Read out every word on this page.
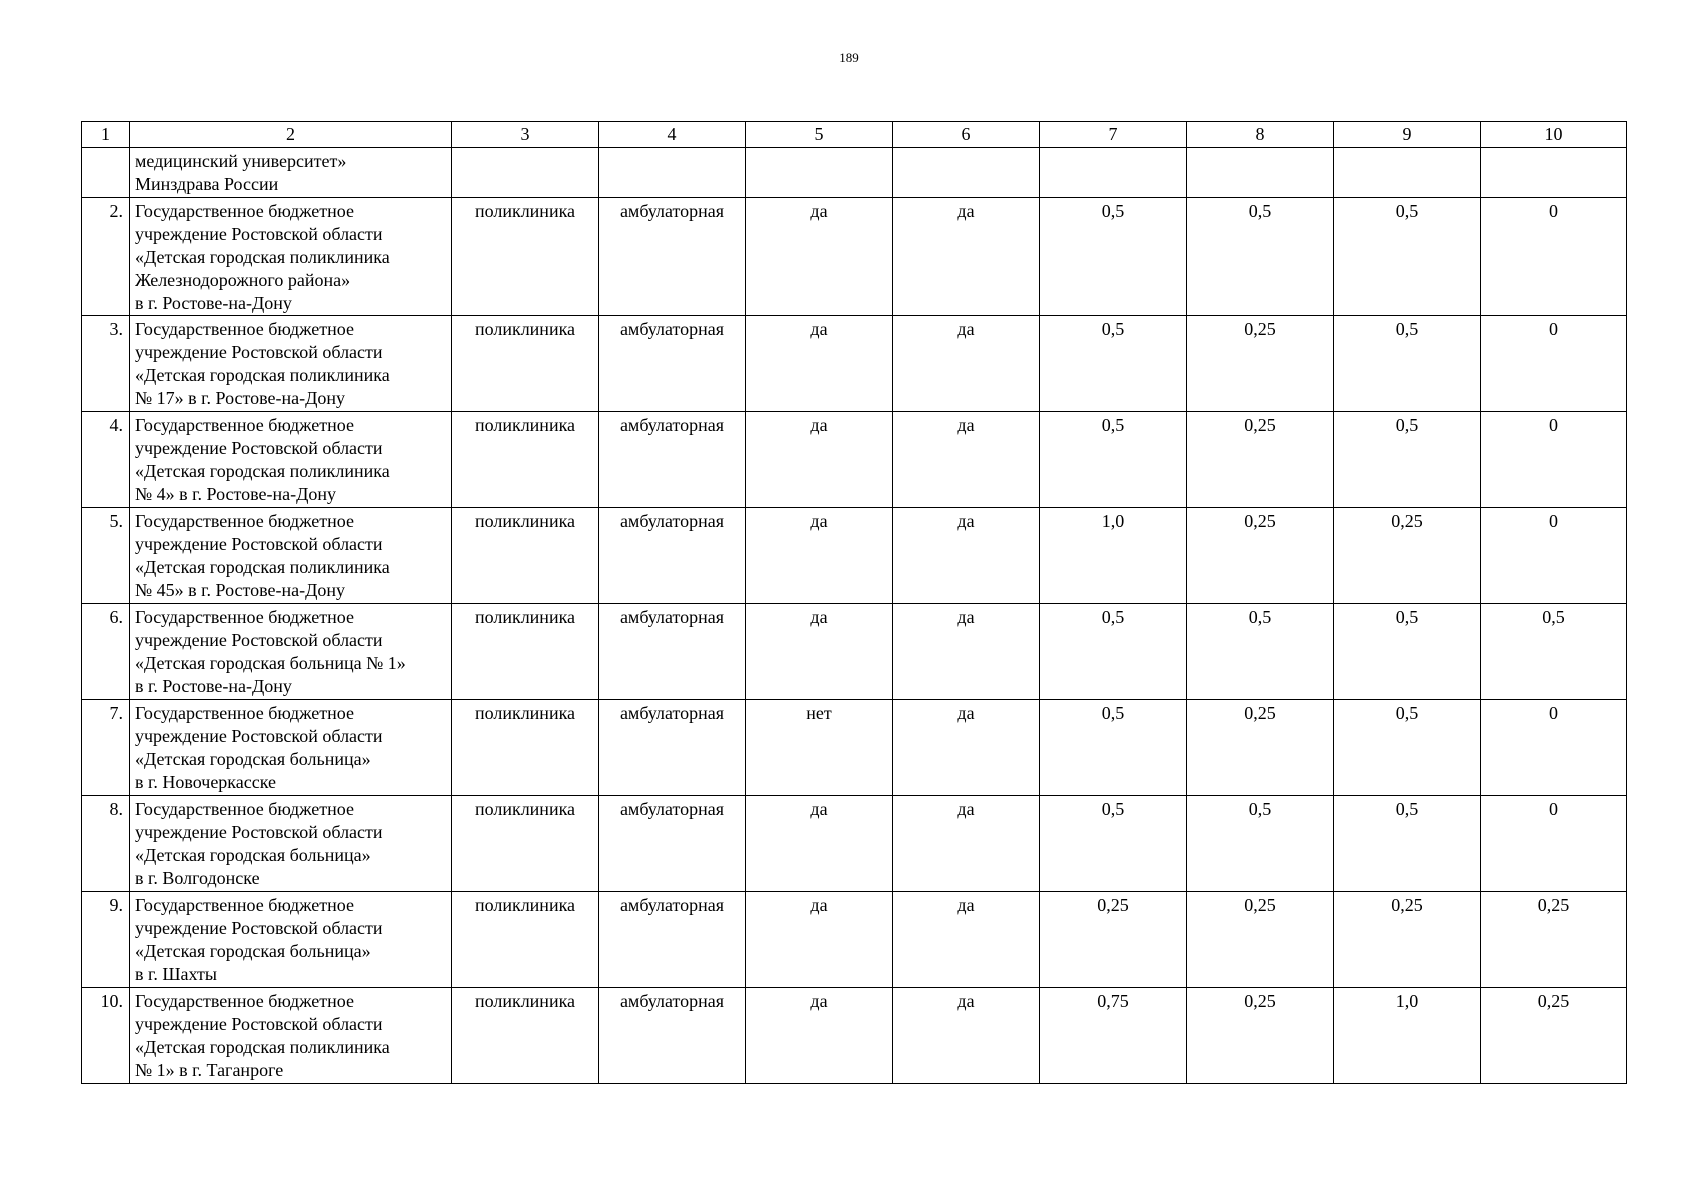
189
1	2	3	4	5	6	7	8	9	10
	медицинский университет»
Минздрава России								
2.	Государственное бюджетное
учреждение Ростовской области
«Детская городская поликлиника
Железнодорожного района»
в г. Ростове-на-Дону	поликлиника	амбулаторная	да	да	0,5	0,5	0,5	0
3.	Государственное бюджетное
учреждение Ростовской области
«Детская городская поликлиника
№ 17» в г. Ростове-на-Дону	поликлиника	амбулаторная	да	да	0,5	0,25	0,5	0
4.	Государственное бюджетное
учреждение Ростовской области
«Детская городская поликлиника
№ 4» в г. Ростове-на-Дону	поликлиника	амбулаторная	да	да	0,5	0,25	0,5	0
5.	Государственное бюджетное
учреждение Ростовской области
«Детская городская поликлиника
№ 45» в г. Ростове-на-Дону	поликлиника	амбулаторная	да	да	1,0	0,25	0,25	0
6.	Государственное бюджетное
учреждение Ростовской области
«Детская городская больница № 1»
в г. Ростове-на-Дону	поликлиника	амбулаторная	да	да	0,5	0,5	0,5	0,5
7.	Государственное бюджетное
учреждение Ростовской области
«Детская городская больница»
в г. Новочеркасске	поликлиника	амбулаторная	нет	да	0,5	0,25	0,5	0
8.	Государственное бюджетное
учреждение Ростовской области
«Детская городская больница»
в г. Волгодонске	поликлиника	амбулаторная	да	да	0,5	0,5	0,5	0
9.	Государственное бюджетное
учреждение Ростовской области
«Детская городская больница»
в г. Шахты	поликлиника	амбулаторная	да	да	0,25	0,25	0,25	0,25
10.	Государственное бюджетное
учреждение Ростовской области
«Детская городская поликлиника
№ 1» в г. Таганроге	поликлиника	амбулаторная	да	да	0,75	0,25	1,0	0,25
